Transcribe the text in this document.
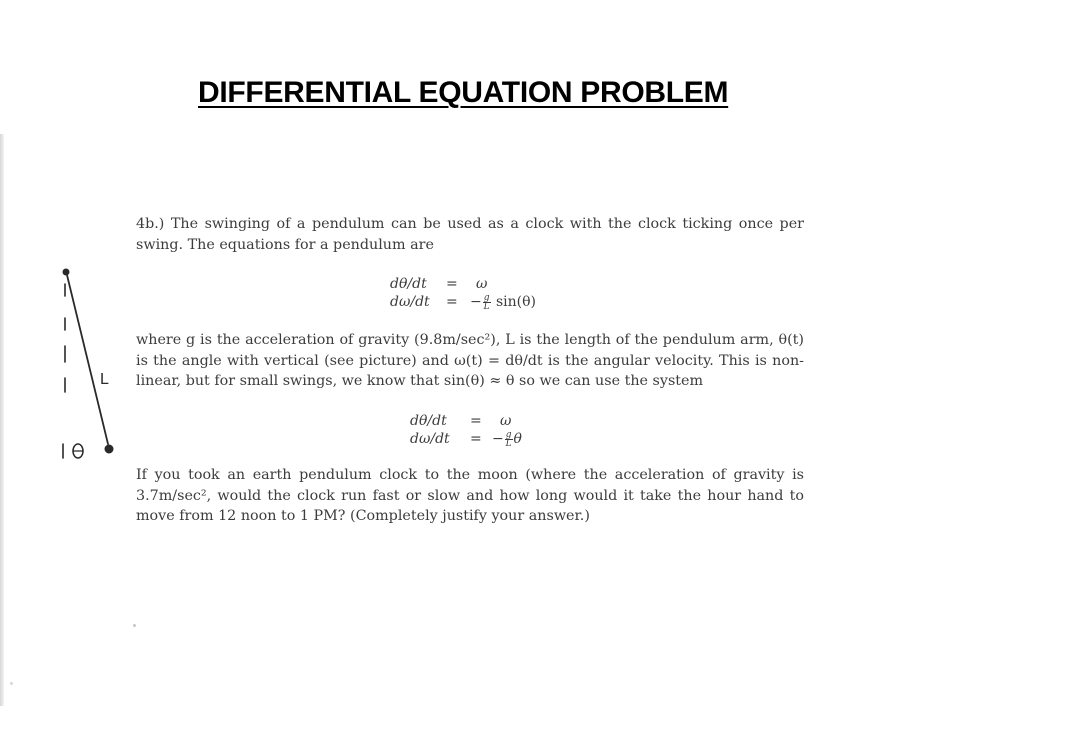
DIFFERENTIAL EQUATION PROBLEM
4b.) The swinging of a pendulum can be used as a clock with the clock ticking once per swing. The equations for a pendulum are
dθ/dt = ω
dω/dt = − $\frac{g}{L} \sin(\theta)$
where g is the acceleration of gravity (9.8m/sec²), L is the length of the pendulum arm, θ(t) is the angle with vertical (see picture) and ω(t) = dθ/dt is the angular velocity. This is non-linear, but for small swings, we know that sin(θ) ≈ θ so we can use the system
dθ/dt = ω
dω/dt = − $\frac{g}{L}$ θ
If you took an earth pendulum clock to the moon (where the acceleration of gravity is 3.7m/sec², would the clock run fast or slow and how long would it take the hour hand to move from 12 noon to 1 PM? (Completely justify your answer.)
L
